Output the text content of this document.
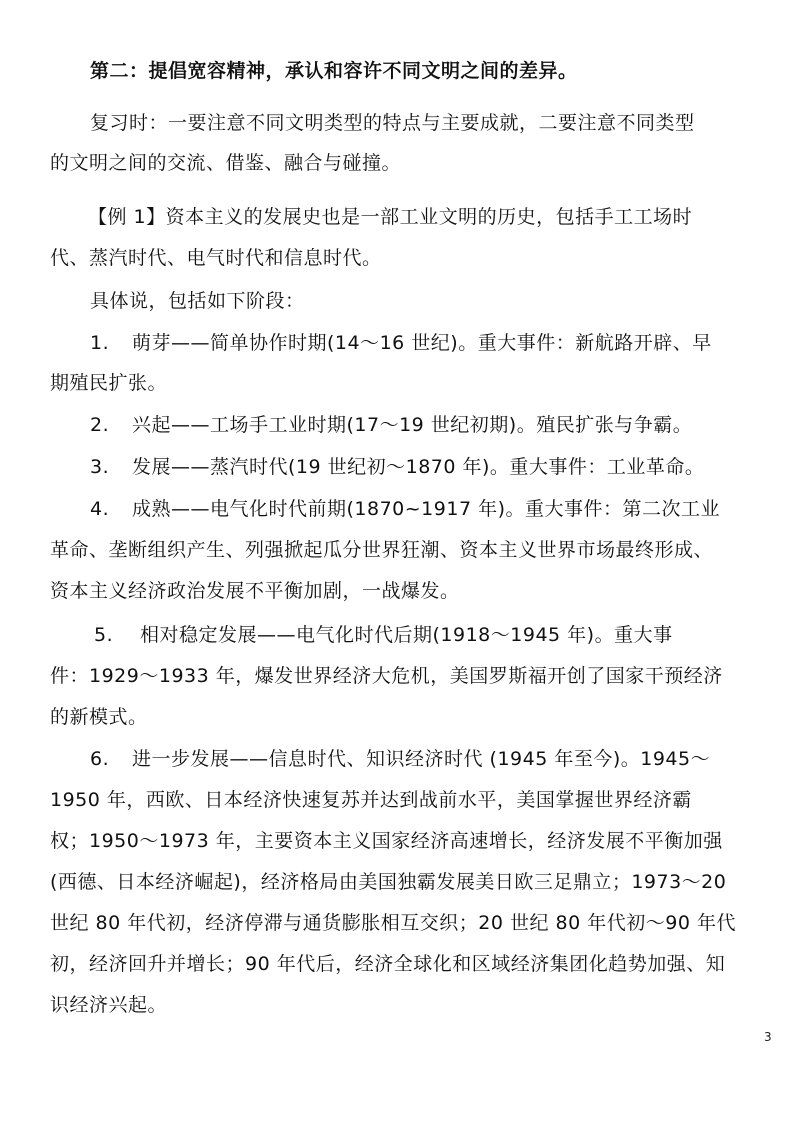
第二：提倡宽容精神，承认和容许不同文明之间的差异。
复习时：一要注意不同文明类型的特点与主要成就，二要注意不同类型
的文明之间的交流、借鉴、融合与碰撞。
【例 1】资本主义的发展史也是一部工业文明的历史，包括手工工场时
代、蒸汽时代、电气时代和信息时代。
具体说，包括如下阶段：
1. 萌芽——简单协作时期(14～16 世纪)。重大事件：新航路开辟、早
期殖民扩张。
2. 兴起——工场手工业时期(17～19 世纪初期)。殖民扩张与争霸。
3. 发展——蒸汽时代(19 世纪初～1870 年)。重大事件：工业革命。
4. 成熟——电气化时代前期(1870~1917 年)。重大事件：第二次工业
革命、垄断组织产生、列强掀起瓜分世界狂潮、资本主义世界市场最终形成、
资本主义经济政治发展不平衡加剧，一战爆发。
5. 相对稳定发展——电气化时代后期(1918～1945 年)。重大事
件：1929～1933 年，爆发世界经济大危机，美国罗斯福开创了国家干预经济
的新模式。
6. 进一步发展——信息时代、知识经济时代 (1945 年至今)。1945～
1950 年，西欧、日本经济快速复苏并达到战前水平，美国掌握世界经济霸
权；1950～1973 年，主要资本主义国家经济高速增长，经济发展不平衡加强
(西德、日本经济崛起)，经济格局由美国独霸发展美日欧三足鼎立；1973～20
世纪 80 年代初，经济停滞与通货膨胀相互交织；20 世纪 80 年代初～90 年代
初，经济回升并增长；90 年代后，经济全球化和区域经济集团化趋势加强、知
识经济兴起。
3
